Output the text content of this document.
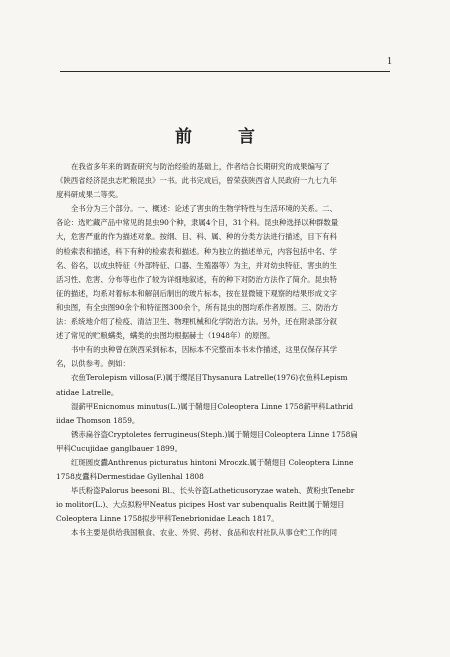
1
前 言

在我省多年来的调查研究与防治经验的基础上，作者结合长期研究的成果编写了

《陕西省经济昆虫志贮粮昆虫》一书。此书完成后，曾荣获陕西省人民政府一九七九年

度科研成果二等奖。

全书分为三个部分。一、概述：论述了害虫的生物学特性与生活环境的关系。二、

各论：选贮藏产品中常见的昆虫90个种，隶属4个目，31个科。昆虫种选择以种群数量

大，危害严重的作为描述对象。按纲、目、科、属、种的分类方法进行描述，目下有科

的检索表和描述，科下有种的检索表和描述。种为独立的描述单元，内容包括中名、学

名、俗名，以成虫特征（外部特征、口器、生殖器等）为主，并对幼虫特征、害虫的生

活习性、危害、分布等也作了较为详细地叙述，有的种下对防治方法作了简介。昆虫特

征的描述，均系对着标本和解剖后制出的玻片标本，按在显微镜下观察的结果形成文字

和虫图，有全虫图90余个和特征图300余个，所有昆虫的图均系作者原图。三、防治方

法：系统地介绍了检疫、清洁卫生、物理机械和化学防治方法。另外，还在附录部分叙

述了常见的贮粮螨类，螨类的虫图均根据赫士（1948年）的原图。

书中有的虫种曾在陕西采到标本，因标本不完整而本书未作描述，这里仅保存其学

名，以供参考。例如：

衣鱼Terolepism villosa(F.)属于缨尾目Thysanura Latrelle(1976)衣鱼科Lepism

atidae Latrelle。

湿薪甲Enicnomus minutus(L.)属于鞘翅目Coleoptera Linne 1758薪甲科Lathrid

iidae Thomson 1859。

锈赤扁谷盗Cryptoletes ferrugineus(Steph.)属于鞘翅目Coleoptera Linne 1758扁

甲科Cucujidae ganglbauer 1899。

红斑圆皮蠹Anthrenus picturatus hintoni Mroczk.属于鞘翅目 Coleoptera Linne

1758皮蠹科Dermestidae Gyllenhal 1808

毕氏粉盗Palorus beesoni Bl.、长头谷盗Latheticusoryzae wateh、黄粉虫Tenebr

io molitor(L.)、大点拟粉甲Neatus picipes Host var subenqualis Reitt属于鞘翅目

Coleoptera Linne 1758拟步甲科Tenebrionidae Leach 1817。

本书主要是供给我国粮食、农业、外贸、药材、食品和农村社队从事仓贮工作的同
